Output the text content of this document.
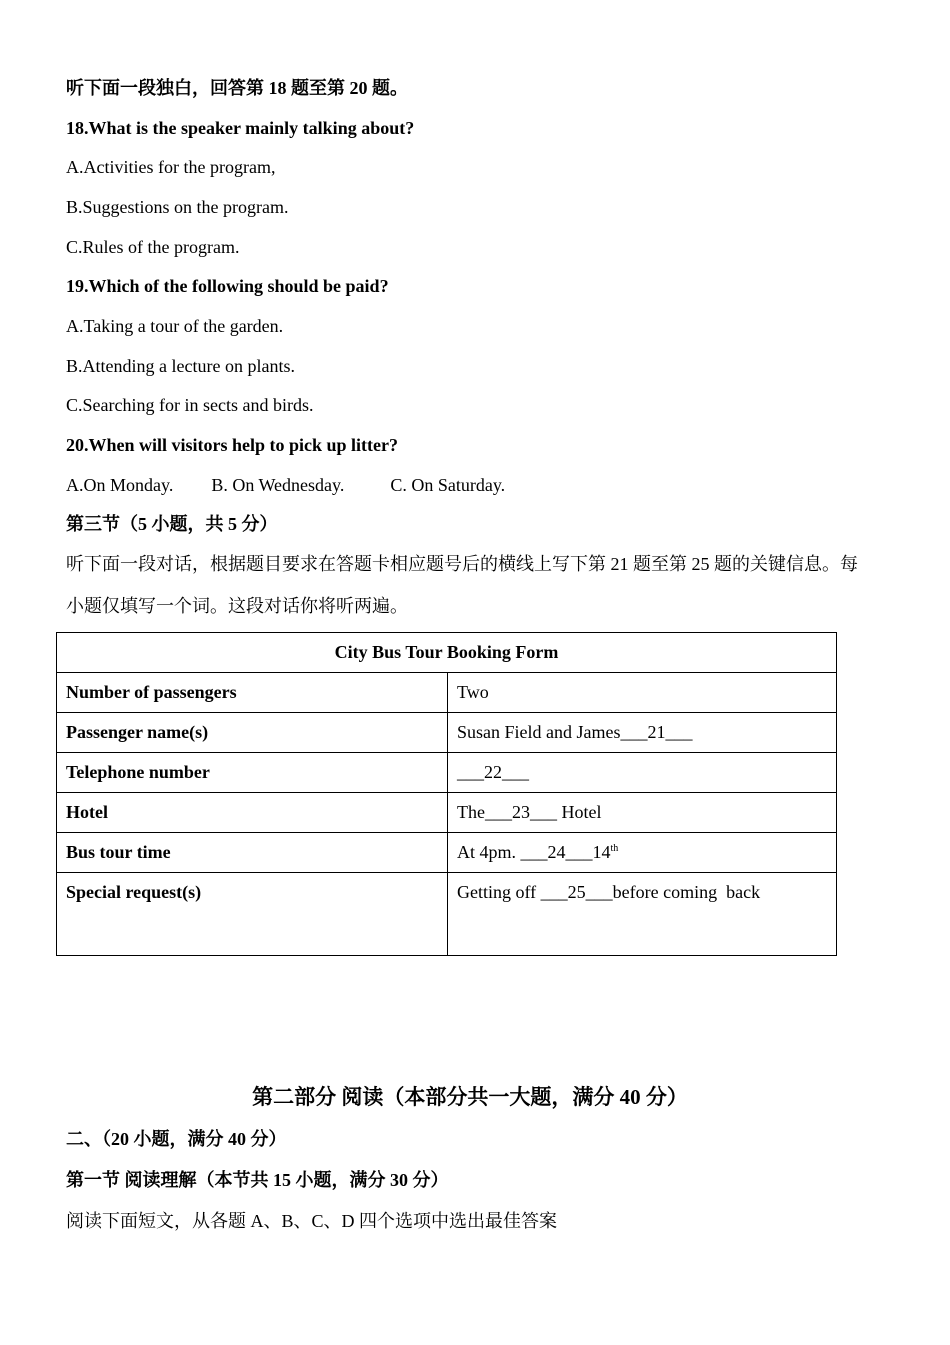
听下面一段独白，回答第 18 题至第 20 题。
18.What is the speaker mainly talking about?
A.Activities for the program,
B.Suggestions on the program.
C.Rules of the program.
19.Which of the following should be paid?
A.Taking a tour of the garden.
B.Attending a lecture on plants.
C.Searching for in sects and birds.
20.When will visitors help to pick up litter?
A.On Monday. B. On Wednesday.	C. On Saturday.
第三节（5 小题，共 5 分）
听下面一段对话，根据题目要求在答题卡相应题号后的横线上写下第 21 题至第 25 题的关键信息。每小题仅填写一个词。这段对话你将听两遍。
City Bus Tour Booking Form	
Number of passengers	Two
Passenger name(s)	Susan Field and James___21___
Telephone number	___22___
Hotel	The___23___ Hotel
Bus tour time	At 4pm. ___24___14th
Special request(s)	Getting off ___25___before coming  back
第二部分 阅读（本部分共一大题，满分 40 分）
二、（20 小题，满分 40 分）
第一节 阅读理解（本节共 15 小题，满分 30 分）
阅读下面短文，从各题 A、B、C、D 四个选项中选出最佳答案
